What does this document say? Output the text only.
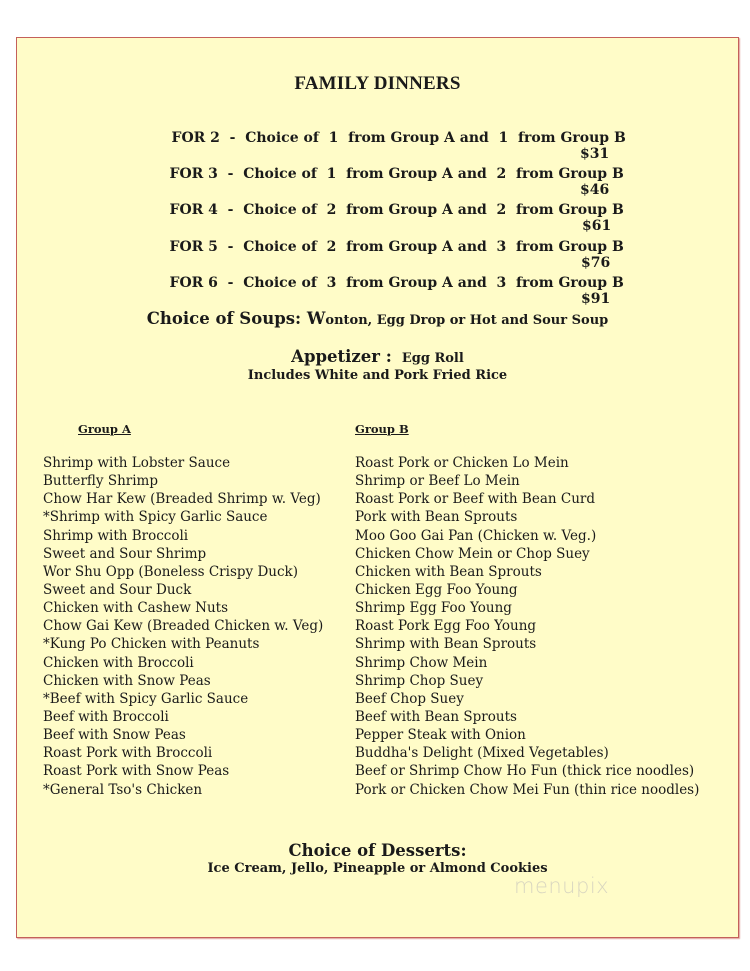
FAMILY DINNERS

FOR 2  -  Choice of  1  from Group A and  1  from Group B

$31

FOR 3  -  Choice of  1  from Group A and  2  from Group B

$46

FOR 4  -  Choice of  2  from Group A and  2  from Group B

$61

FOR 5  -  Choice of  2  from Group A and  3  from Group B

$76

FOR 6  -  Choice of  3  from Group A and  3  from Group B

$91

Choice of Soups: Wonton, Egg Drop or Hot and Sour Soup
Appetizer : Egg Roll
Includes White and Pork Fried Rice
Group A	Group B
Shrimp with Lobster Sauce
Butterfly Shrimp
Chow Har Kew (Breaded Shrimp w. Veg)
*Shrimp with Spicy Garlic Sauce
Shrimp with Broccoli
Sweet and Sour Shrimp
Wor Shu Opp (Boneless Crispy Duck)
Sweet and Sour Duck
Chicken with Cashew Nuts
Chow Gai Kew (Breaded Chicken w. Veg)
*Kung Po Chicken with Peanuts
Chicken with Broccoli
Chicken with Snow Peas
*Beef with Spicy Garlic Sauce
Beef with Broccoli
Beef with Snow Peas
Roast Pork with Broccoli
Roast Pork with Snow Peas
*General Tso's Chicken
Roast Pork or Chicken Lo Mein
Shrimp or Beef Lo Mein
Roast Pork or Beef with Bean Curd
Pork with Bean Sprouts
Moo Goo Gai Pan (Chicken w. Veg.)
Chicken Chow Mein or Chop Suey
Chicken with Bean Sprouts
Chicken Egg Foo Young
Shrimp Egg Foo Young
Roast Pork Egg Foo Young
Shrimp with Bean Sprouts
Shrimp Chow Mein
Shrimp Chop Suey
Beef Chop Suey
Beef with Bean Sprouts
Pepper Steak with Onion
Buddha's Delight (Mixed Vegetables)
Beef or Shrimp Chow Ho Fun (thick rice noodles)
Pork or Chicken Chow Mei Fun (thin rice noodles)
Choice of Desserts:
Ice Cream, Jello, Pineapple or Almond Cookies
menupix
